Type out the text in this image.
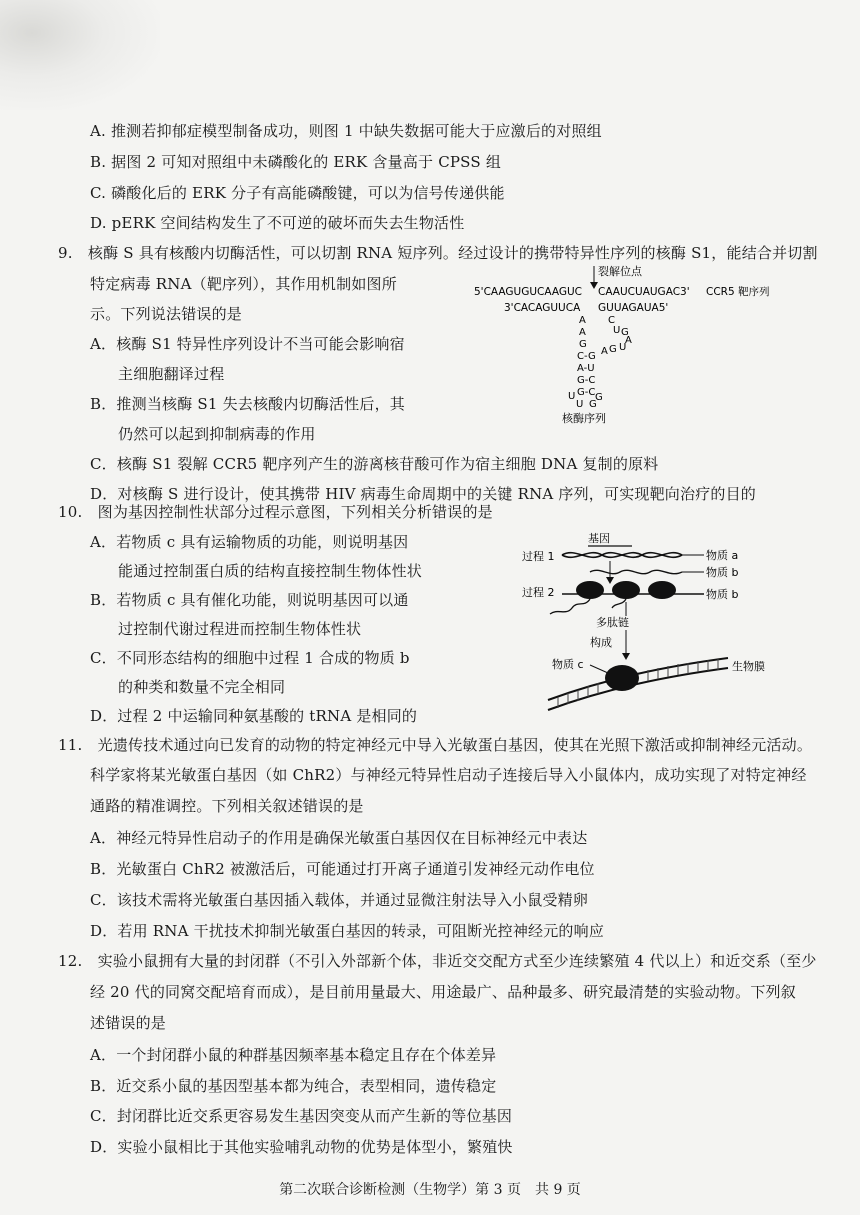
A. 推测若抑郁症模型制备成功，则图 1 中缺失数据可能大于应激后的对照组
B. 据图 2 可知对照组中未磷酸化的 ERK 含量高于 CPSS 组
C. 磷酸化后的 ERK 分子有高能磷酸键，可以为信号传递供能
D. pERK 空间结构发生了不可逆的破坏而失去生物活性
9.　核酶 S 具有核酸内切酶活性，可以切割 RNA 短序列。经过设计的携带特异性序列的核酶 S1，能结合并切割
特定病毒 RNA（靶序列），其作用机制如图所
示。下列说法错误的是
A．核酶 S1 特异性序列设计不当可能会影响宿
主细胞翻译过程
B．推测当核酶 S1 失去核酸内切酶活性后，其
仍然可以起到抑制病毒的作用
C．核酶 S1 裂解 CCR5 靶序列产生的游离核苷酸可作为宿主细胞 DNA 复制的原料
D．对核酶 S 进行设计，使其携带 HIV 病毒生命周期中的关键 RNA 序列，可实现靶向治疗的目的
裂解位点
5'CAAGUGUCAAGUC CAAUCUAUGAC3' CCR5 靶序列
3'CACAGUUCA GUUAGAUA5'
A
A
G
C-G
A-U
G-C
G-C
C
U G
A
G
A U
U G
U G
核酶序列
10.　图为基因控制性状部分过程示意图，下列相关分析错误的是
A．若物质 c 具有运输物质的功能，则说明基因
能通过控制蛋白质的结构直接控制生物体性状
B．若物质 c 具有催化功能，则说明基因可以通
过控制代谢过程进而控制生物体性状
C．不同形态结构的细胞中过程 1 合成的物质 b
的种类和数量不完全相同
D．过程 2 中运输同种氨基酸的 tRNA 是相同的
基因
过程 1	物质 a
物质 b
过程 2	物质 b
多肽链
构成
物质 c	生物膜
11.　光遗传技术通过向已发育的动物的特定神经元中导入光敏蛋白基因，使其在光照下激活或抑制神经元活动。
科学家将某光敏蛋白基因（如 ChR2）与神经元特异性启动子连接后导入小鼠体内，成功实现了对特定神经
通路的精准调控。下列相关叙述错误的是
A．神经元特异性启动子的作用是确保光敏蛋白基因仅在目标神经元中表达
B．光敏蛋白 ChR2 被激活后，可能通过打开离子通道引发神经元动作电位
C．该技术需将光敏蛋白基因插入载体，并通过显微注射法导入小鼠受精卵
D．若用 RNA 干扰技术抑制光敏蛋白基因的转录，可阻断光控神经元的响应
12.　实验小鼠拥有大量的封闭群（不引入外部新个体，非近交交配方式至少连续繁殖 4 代以上）和近交系（至少
经 20 代的同窝交配培育而成），是目前用量最大、用途最广、品种最多、研究最清楚的实验动物。下列叙
述错误的是
A．一个封闭群小鼠的种群基因频率基本稳定且存在个体差异
B．近交系小鼠的基因型基本都为纯合，表型相同，遗传稳定
C．封闭群比近交系更容易发生基因突变从而产生新的等位基因
D．实验小鼠相比于其他实验哺乳动物的优势是体型小，繁殖快
第二次联合诊断检测（生物学）第 3 页　共 9 页
